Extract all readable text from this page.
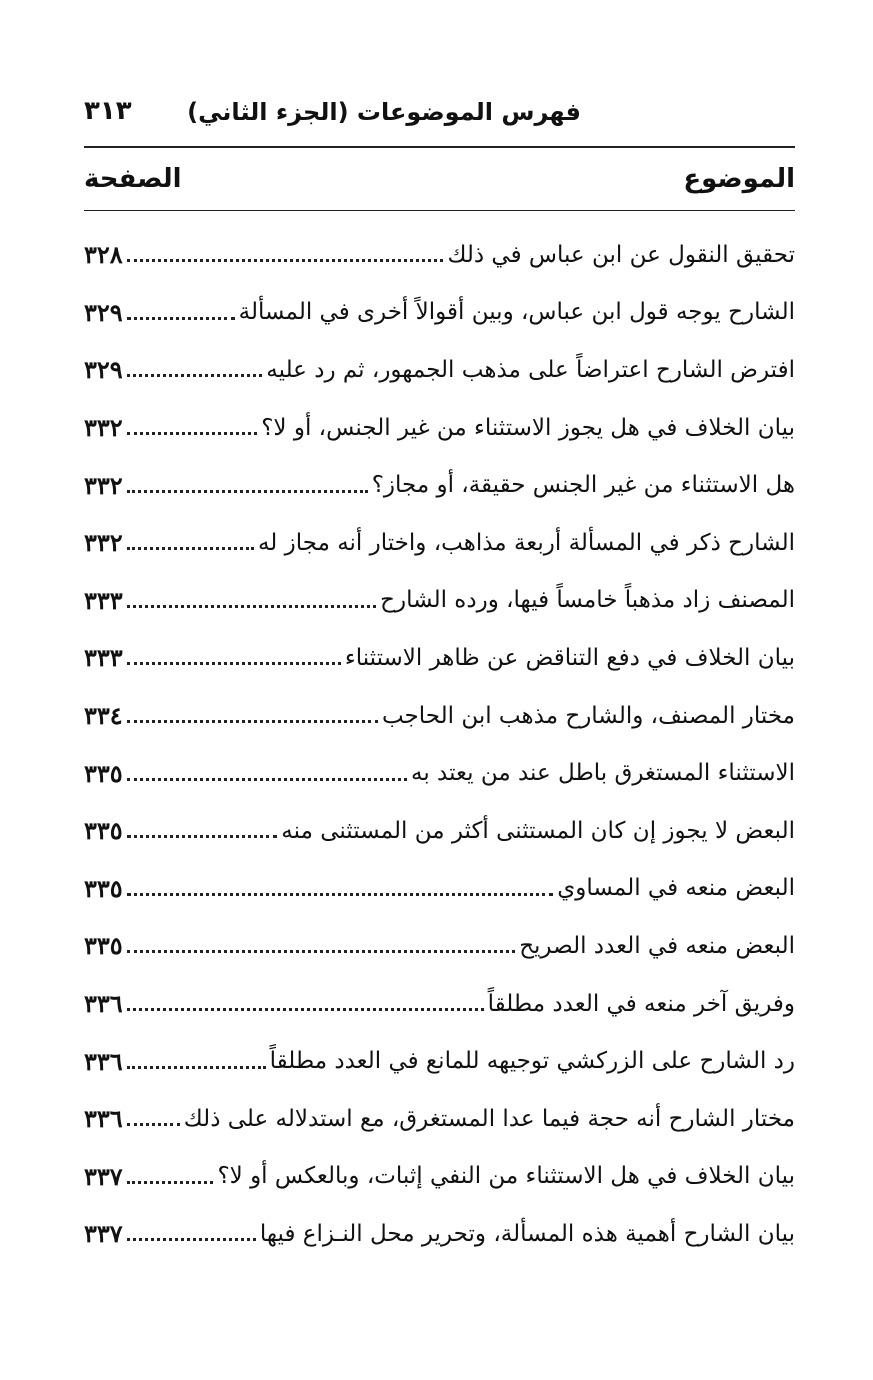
فهرس الموضوعات (الجزء الثاني)
٣١٣
الموضوع
الصفحة
تحقيق النقول عن ابن عباس في ذلك
٣٢٨
الشارح يوجه قول ابن عباس، وبين أقوالاً أخرى في المسألة
٣٢٩
افترض الشارح اعتراضاً على مذهب الجمهور، ثم رد عليه
٣٢٩
بيان الخلاف في هل يجوز الاستثناء من غير الجنس، أو لا؟
٣٣٢
هل الاستثناء من غير الجنس حقيقة، أو مجاز؟
٣٣٢
الشارح ذكر في المسألة أربعة مذاهب، واختار أنه مجاز له
٣٣٢
المصنف زاد مذهباً خامساً فيها، ورده الشارح
٣٣٣
بيان الخلاف في دفع التناقض عن ظاهر الاستثناء
٣٣٣
مختار المصنف، والشارح مذهب ابن الحاجب
٣٣٤
الاستثناء المستغرق باطل عند من يعتد به
٣٣٥
البعض لا يجوز إن كان المستثنى أكثر من المستثنى منه
٣٣٥
البعض منعه في المساوي
٣٣٥
البعض منعه في العدد الصريح
٣٣٥
وفريق آخر منعه في العدد مطلقاً
٣٣٦
رد الشارح على الزركشي توجيهه للمانع في العدد مطلقاً
٣٣٦
مختار الشارح أنه حجة فيما عدا المستغرق، مع استدلاله على ذلك
٣٣٦
بيان الخلاف في هل الاستثناء من النفي إثبات، وبالعكس أو لا؟
٣٣٧
بيان الشارح أهمية هذه المسألة، وتحرير محل النـزاع فيها
٣٣٧
